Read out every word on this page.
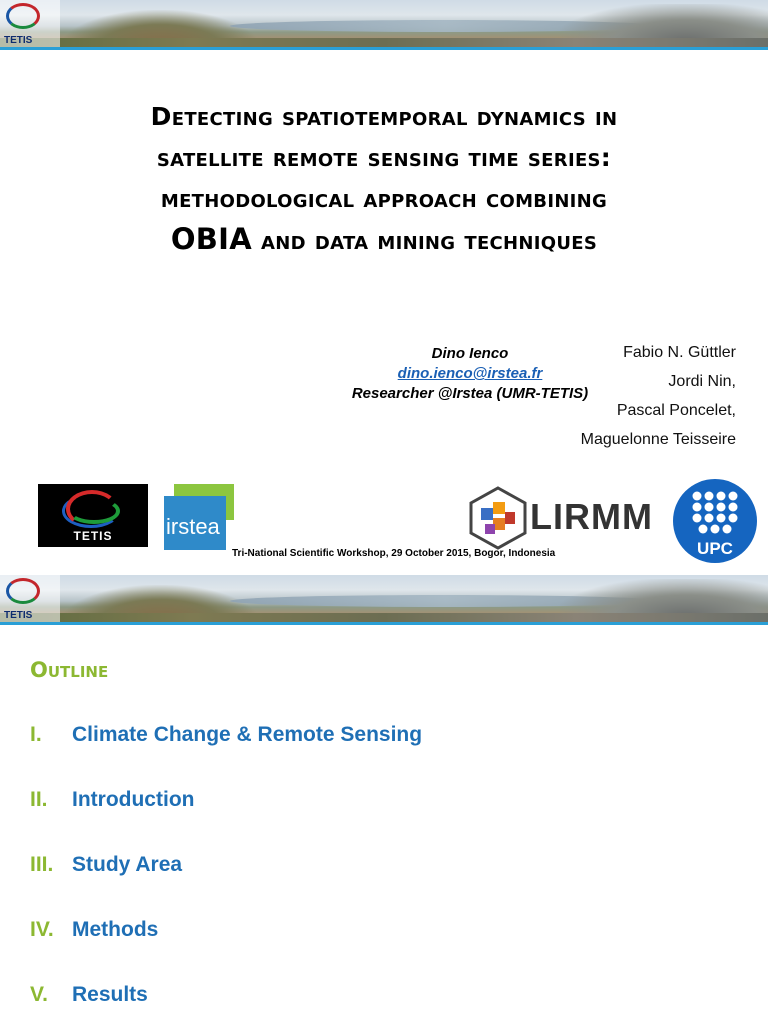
TETIS
Detecting spatiotemporal dynamics in
satellite remote sensing time series:
methodological approach combining
OBIA and data mining techniques
Dino Ienco
dino.ienco@irstea.fr
Researcher @Irstea (UMR-TETIS)
Fabio N. Güttler
Jordi Nin,
Pascal Poncelet,
Maguelonne Teisseire
TETIS	irstea	LIRMM
UPC
Tri-National Scientific Workshop, 29 October 2015, Bogor, Indonesia
TETIS
Outline
I. Climate Change & Remote Sensing
II. Introduction
III. Study Area
IV. Methods
V. Results
